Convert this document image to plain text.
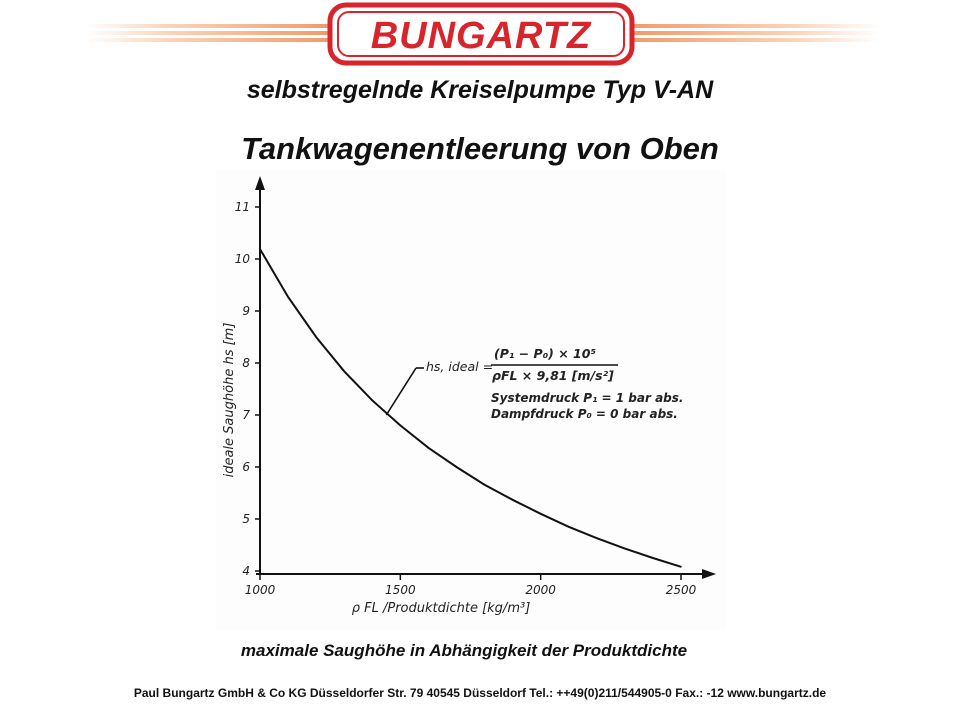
BUNGARTZ
selbstregelnde Kreiselpumpe Typ V-AN
Tankwagenentleerung von Oben
4
5
6
7
8
9
10
11
1000	1500	2000	2500
ideale Saughöhe hs [m]
ρ FL /Produktdichte [kg/m³]
hs, ideal =
(P₁ − P₀) × 10⁵
ρFL × 9,81 [m/s²]
Systemdruck P₁ = 1 bar abs.
Dampfdruck P₀ = 0 bar abs.
maximale Saughöhe in Abhängigkeit der Produktdichte
Paul Bungartz GmbH & Co KG Düsseldorfer Str. 79 40545 Düsseldorf Tel.: ++49(0)211/544905-0 Fax.: -12 www.bungartz.de
